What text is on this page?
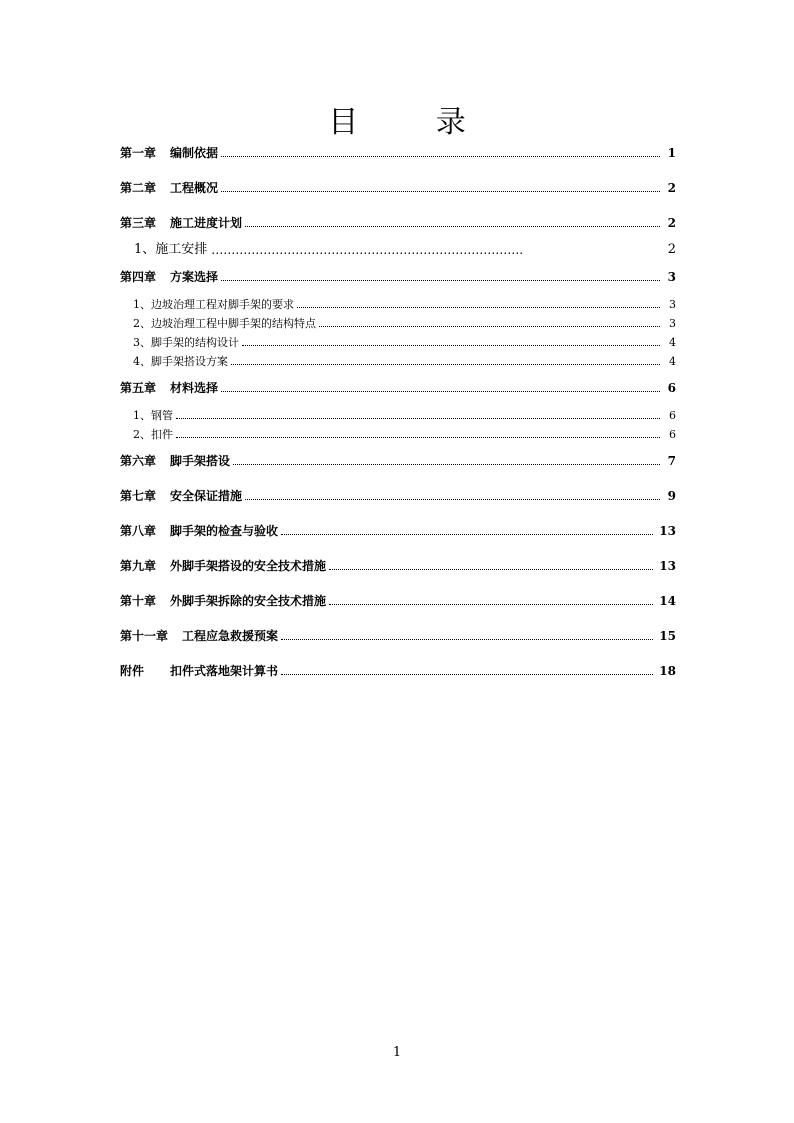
目 录
第一章 编制依据	1
第二章 工程概况	2
第三章 施工进度计划	2
1、施工安排 ……………………………………………………………………	2
第四章 方案选择	3
1、边坡治理工程对脚手架的要求	3
2、边坡治理工程中脚手架的结构特点	3
3、脚手架的结构设计	4
4、脚手架搭设方案	4
第五章 材料选择	6
1、钢管	6
2、扣件	6
第六章 脚手架搭设	7
第七章 安全保证措施	9
第八章 脚手架的检查与验收	13
第九章 外脚手架搭设的安全技术措施	13
第十章 外脚手架拆除的安全技术措施	14
第十一章 工程应急救援预案	15
附件 扣件式落地架计算书	18
1
